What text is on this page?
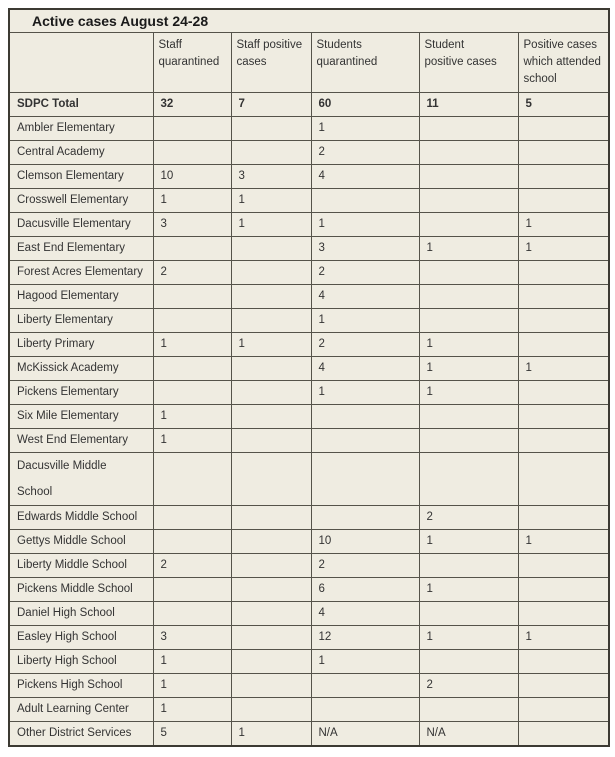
Active cases August 24-28					
	Staff quarantined	Staff positive cases	Students quarantined	Student positive cases	Positive cases which attended school
SDPC Total	32	7	60	11	5
Ambler Elementary			1		
Central Academy			2		
Clemson Elementary	10	3	4		
Crosswell Elementary	1	1			
Dacusville Elementary	3	1	1		1
East End Elementary			3	1	1
Forest Acres Elementary	2		2		
Hagood Elementary			4		
Liberty Elementary			1		
Liberty Primary	1	1	2	1	
McKissick Academy			4	1	1
Pickens Elementary			1	1	
Six Mile Elementary	1				
West End Elementary	1				
Dacusville Middle School					
Edwards Middle School				2	
Gettys Middle School			10	1	1
Liberty Middle School	2		2		
Pickens Middle School			6	1	
Daniel High School			4		
Easley High School	3		12	1	1
Liberty High School	1		1		
Pickens High School	1			2	
Adult Learning Center	1				
Other District Services	5	1	N/A	N/A	
